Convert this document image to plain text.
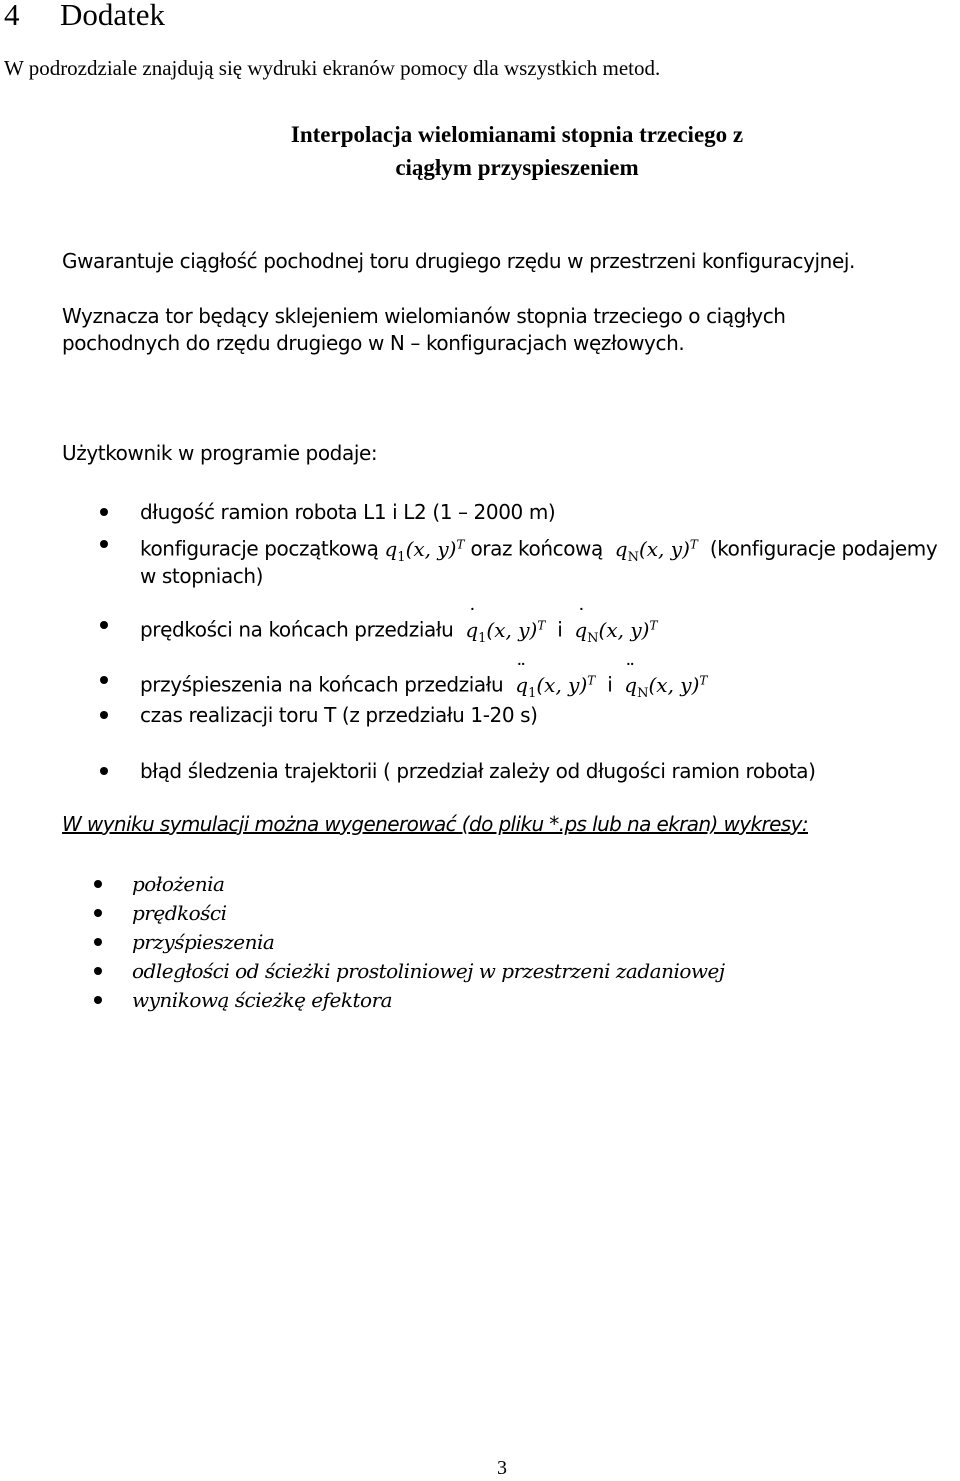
4 Dodatek
W podrozdziale znajdują się wydruki ekranów pomocy dla wszystkich metod.
Interpolacja wielomianami stopnia trzeciego z
ciągłym przyspieszeniem
Gwarantuje ciągłość pochodnej toru drugiego rzędu w przestrzeni konfiguracyjnej.
Wyznacza tor będący sklejeniem wielomianów stopnia trzeciego o ciągłych
pochodnych do rzędu drugiego w N – konfiguracjach węzłowych.
Użytkownik w programie podaje:
długość ramion robota L1 i L2 (1 – 2000 m)
konfiguracje początkową $q_1(x$, y)$^T$ oraz końcową $q_N(x$, y)$^T$ (konfiguracje podajemy
w stopniach)
prędkości na końcach przedziału ˙ $q_1(x$, y)$^T$ i ˙ $q_N(x$, y)$^T$
przyśpieszenia na końcach przedziału ¨ $q_1(x$, y)$^T$ i ¨ $q_N(x$, y)$^T$
czas realizacji toru T (z przedziału 1-20 s)
błąd śledzenia trajektorii ( przedział zależy od długości ramion robota)
W wyniku symulacji można wygenerować (do pliku *.ps lub na ekran) wykresy:
położenia
prędkości
przyśpieszenia
odległości od ścieżki prostoliniowej w przestrzeni zadaniowej
wynikową ścieżkę efektora
3
